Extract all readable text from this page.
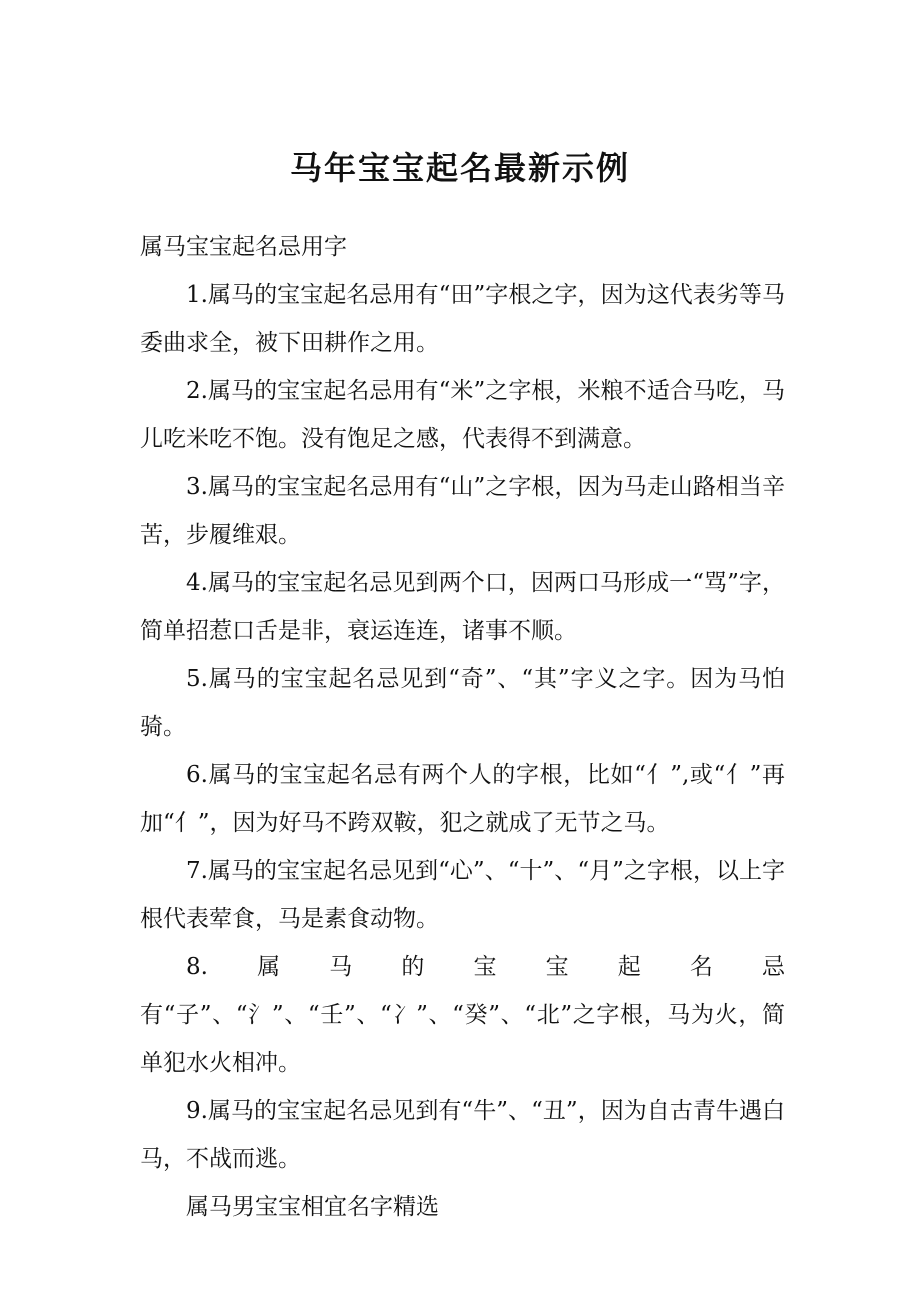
马年宝宝起名最新示例

属马宝宝起名忌用字

1.属马的宝宝起名忌用有“田”字根之字，因为这代表劣等马委曲求全，被下田耕作之用。

2.属马的宝宝起名忌用有“米”之字根，米粮不适合马吃，马儿吃米吃不饱。没有饱足之感，代表得不到满意。

3.属马的宝宝起名忌用有“山”之字根，因为马走山路相当辛苦，步履维艰。

4.属马的宝宝起名忌见到两个口，因两口马形成一“骂”字，简单招惹口舌是非，衰运连连，诸事不顺。

5.属马的宝宝起名忌见到“奇”、“其”字义之字。因为马怕骑。

6.属马的宝宝起名忌有两个人的字根，比如“亻”,或“亻”再加“亻”，因为好马不跨双鞍，犯之就成了无节之马。

7.属马的宝宝起名忌见到“心”、“十”、“月”之字根，以上字根代表荤食，马是素食动物。

8.属马的宝宝起名忌有“子”、“氵”、“壬”、“冫”、“癸”、“北”之字根，马为火，简单犯水火相冲。

9.属马的宝宝起名忌见到有“牛”、“丑”，因为自古青牛遇白马，不战而逃。

属马男宝宝相宜名字精选
